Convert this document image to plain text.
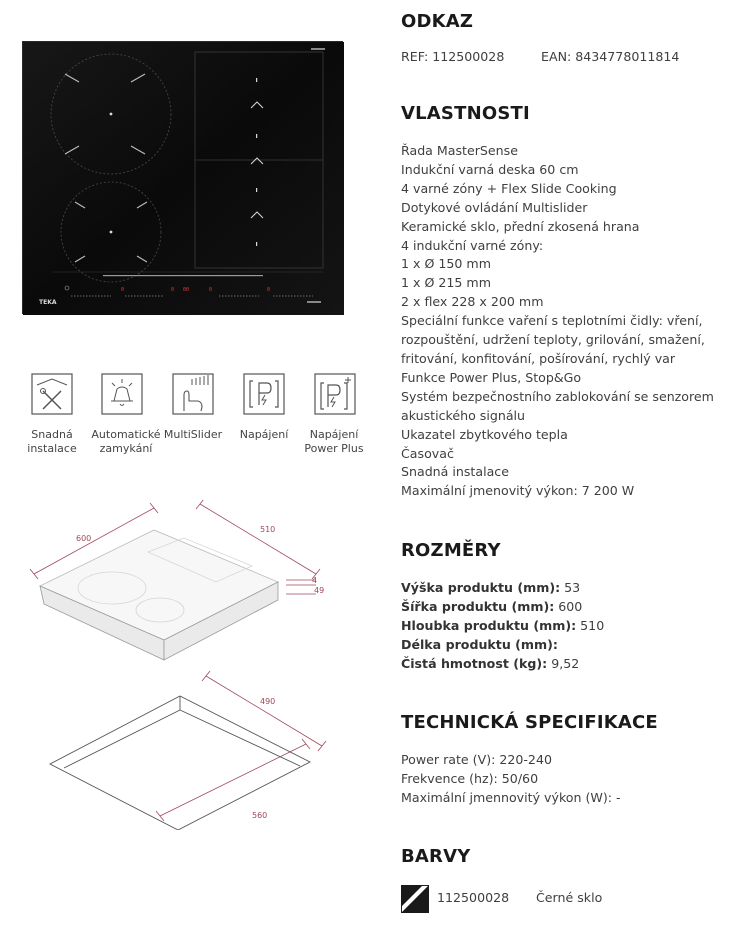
0	0 00	0	0
TEKA
Snadná
instalace
Automatické
zamykání
MultiSlider	Napájení	Napájení
Power Plus
600
510
4
49
490
560
ODKAZ
REF: 112500028	EAN: 8434778011814
VLASTNOSTI
Řada MasterSense
Indukční varná deska 60 cm
4 varné zóny + Flex Slide Cooking
Dotykové ovládání Multislider
Keramické sklo, přední zkosená hrana
4 indukční varné zóny:
1 x Ø 150 mm
1 x Ø 215 mm
2 x flex 228 x 200 mm
Speciální funkce vaření s teplotními čidly: vření,
rozpouštění, udržení teploty, grilování, smažení,
fritování, konfitování, pošírování, rychlý var
Funkce Power Plus, Stop&Go
Systém bezpečnostního zablokování se senzorem
akustického signálu
Ukazatel zbytkového tepla
Časovač
Snadná instalace
Maximální jmenovitý výkon: 7 200 W
ROZMĚRY
Výška produktu (mm): 53
Šířka produktu (mm): 600
Hloubka produktu (mm): 510
Délka produktu (mm):
Čistá hmotnost (kg): 9,52
TECHNICKÁ SPECIFIKACE
Power rate (V): 220-240
Frekvence (hz): 50/60
Maximální jmennovitý výkon (W): -
BARVY
112500028 Černé sklo
